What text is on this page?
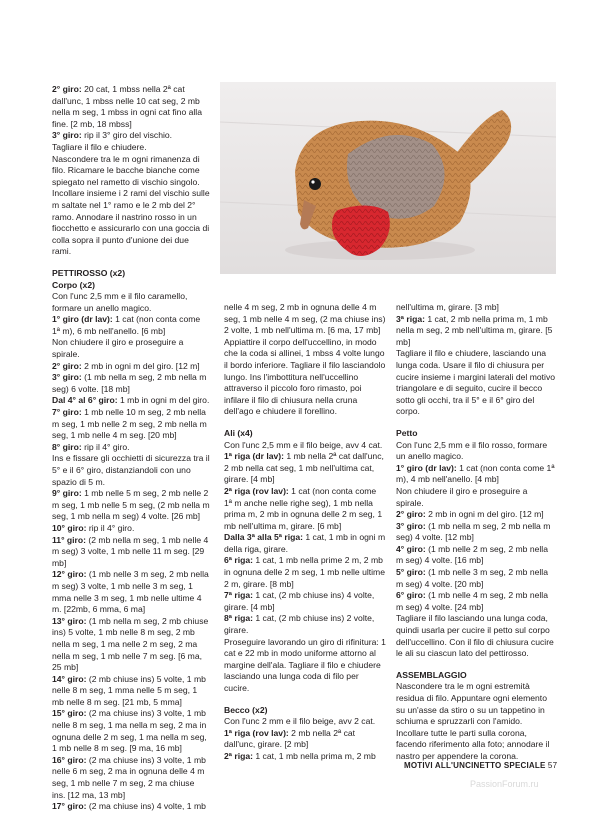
2° giro: 20 cat, 1 mbss nella 2ª cat dall'unc, 1 mbss nelle 10 cat seg, 2 mb nella m seg, 1 mbss in ogni cat fino alla fine. [2 mb, 18 mbss]

3° giro: rip il 3° giro del vischio.

Tagliare il filo e chiudere.

Nascondere tra le m ogni rimanenza di filo. Ricamare le bacche bianche come spiegato nel rametto di vischio singolo. Incollare insieme i 2 rami del vischio sulle m saltate nel 1° ramo e le 2 mb del 2° ramo. Annodare il nastrino rosso in un fiocchetto e assicurarlo con una goccia di colla sopra il punto d'unione dei due rami.

PETTIROSSO (x2)

Corpo (x2)

Con l'unc 2,5 mm e il filo caramello, formare un anello magico.

1° giro (dr lav): 1 cat (non conta come 1ª m), 6 mb nell'anello. [6 mb]

Non chiudere il giro e proseguire a spirale.

2° giro: 2 mb in ogni m del giro. [12 m]

3° giro: (1 mb nella m seg, 2 mb nella m seg) 6 volte. [18 mb]

Dal 4° al 6° giro: 1 mb in ogni m del giro.

7° giro: 1 mb nelle 10 m seg, 2 mb nella m seg, 1 mb nelle 2 m seg, 2 mb nella m seg, 1 mb nelle 4 m seg. [20 mb]

8° giro: rip il 4° giro.

Ins e fissare gli occhietti di sicurezza tra il 5° e il 6° giro, distanziandoli con uno spazio di 5 m.

9° giro: 1 mb nelle 5 m seg, 2 mb nelle 2 m seg, 1 mb nelle 5 m seg, (2 mb nella m seg, 1 mb nella m seg) 4 volte. [26 mb]

10° giro: rip il 4° giro.

11° giro: (2 mb nella m seg, 1 mb nelle 4 m seg) 3 volte, 1 mb nelle 11 m seg. [29 mb]

12° giro: (1 mb nelle 3 m seg, 2 mb nella m seg) 3 volte, 1 mb nelle 3 m seg, 1 mma nelle 3 m seg, 1 mb nelle ultime 4 m. [22mb, 6 mma, 6 ma]

13° giro: (1 mb nella m seg, 2 mb chiuse ins) 5 volte, 1 mb nelle 8 m seg, 2 mb nella m seg, 1 ma nelle 2 m seg, 2 ma nella m seg, 1 mb nelle 7 m seg. [6 ma, 25 mb]

14° giro: (2 mb chiuse ins) 5 volte, 1 mb nelle 8 m seg, 1 mma nelle 5 m seg, 1 mb nelle 8 m seg. [21 mb, 5 mma]

15° giro: (2 ma chiuse ins) 3 volte, 1 mb nelle 8 m seg, 1 ma nella m seg, 2 ma in ognuna delle 2 m seg, 1 ma nella m seg, 1 mb nelle 8 m seg. [9 ma, 16 mb]

16° giro: (2 ma chiuse ins) 3 volte, 1 mb nelle 6 m seg, 2 ma in ognuna delle 4 m seg, 1 mb nelle 7 m seg, 2 ma chiuse ins. [12 ma, 13 mb]

17° giro: (2 ma chiuse ins) 4 volte, 1 mb

nelle 4 m seg, 2 mb in ognuna delle 4 m seg, 1 mb nelle 4 m seg, (2 ma chiuse ins) 2 volte, 1 mb nell'ultima m. [6 ma, 17 mb]

Appiattire il corpo dell'uccellino, in modo che la coda si allinei, 1 mbss 4 volte lungo il bordo inferiore. Tagliare il filo lasciandolo lungo. Ins l'imbottitura nell'uccellino attraverso il piccolo foro rimasto, poi infilare il filo di chiusura nella cruna dell'ago e chiudere il forellino.

Ali (x4)

Con l'unc 2,5 mm e il filo beige, avv 4 cat.

1ª riga (dr lav): 1 mb nella 2ª cat dall'unc, 2 mb nella cat seg, 1 mb nell'ultima cat, girare. [4 mb]

2ª riga (rov lav): 1 cat (non conta come 1ª m anche nelle righe seg), 1 mb nella prima m, 2 mb in ognuna delle 2 m seg, 1 mb nell'ultima m, girare. [6 mb]

Dalla 3ª alla 5ª riga: 1 cat, 1 mb in ogni m della riga, girare.

6ª riga: 1 cat, 1 mb nella prime 2 m, 2 mb in ognuna delle 2 m seg, 1 mb nelle ultime 2 m, girare. [8 mb]

7ª riga: 1 cat, (2 mb chiuse ins) 4 volte, girare. [4 mb]

8ª riga: 1 cat, (2 mb chiuse ins) 2 volte, girare.

Proseguire lavorando un giro di rifinitura: 1 cat e 22 mb in modo uniforme attorno al margine dell'ala. Tagliare il filo e chiudere lasciando una lunga coda di filo per cucire.

Becco (x2)

Con l'unc 2 mm e il filo beige, avv 2 cat.

1ª riga (rov lav): 2 mb nella 2ª cat dall'unc, girare. [2 mb]

2ª riga: 1 cat, 1 mb nella prima m, 2 mb

nell'ultima m, girare. [3 mb]

3ª riga: 1 cat, 2 mb nella prima m, 1 mb nella m seg, 2 mb nell'ultima m, girare. [5 mb]

Tagliare il filo e chiudere, lasciando una lunga coda. Usare il filo di chiusura per cucire insieme i margini laterali del motivo triangolare e di seguito, cucire il becco sotto gli occhi, tra il 5° e il 6° giro del corpo.

Petto

Con l'unc 2,5 mm e il filo rosso, formare un anello magico.

1° giro (dr lav): 1 cat (non conta come 1ª m), 4 mb nell'anello. [4 mb]

Non chiudere il giro e proseguire a spirale.

2° giro: 2 mb in ogni m del giro. [12 m]

3° giro: (1 mb nella m seg, 2 mb nella m seg) 4 volte. [12 mb]

4° giro: (1 mb nelle 2 m seg, 2 mb nella m seg) 4 volte. [16 mb]

5° giro: (1 mb nelle 3 m seg, 2 mb nella m seg) 4 volte. [20 mb]

6° giro: (1 mb nelle 4 m seg, 2 mb nella m seg) 4 volte. [24 mb]

Tagliare il filo lasciando una lunga coda, quindi usarla per cucire il petto sul corpo dell'uccellino. Con il filo di chiusura cucire le ali su ciascun lato del pettirosso.

ASSEMBLAGGIO

Nascondere tra le m ogni estremità residua di filo. Appuntare ogni elemento su un'asse da stiro o su un tappetino in schiuma e spruzzarli con l'amido. Incollare tutte le parti sulla corona, facendo riferimento alla foto; annodare il nastro per appendere la corona.

MOTIVI ALL'UNCINETTO SPECIALE 57
PassionForum.ru
